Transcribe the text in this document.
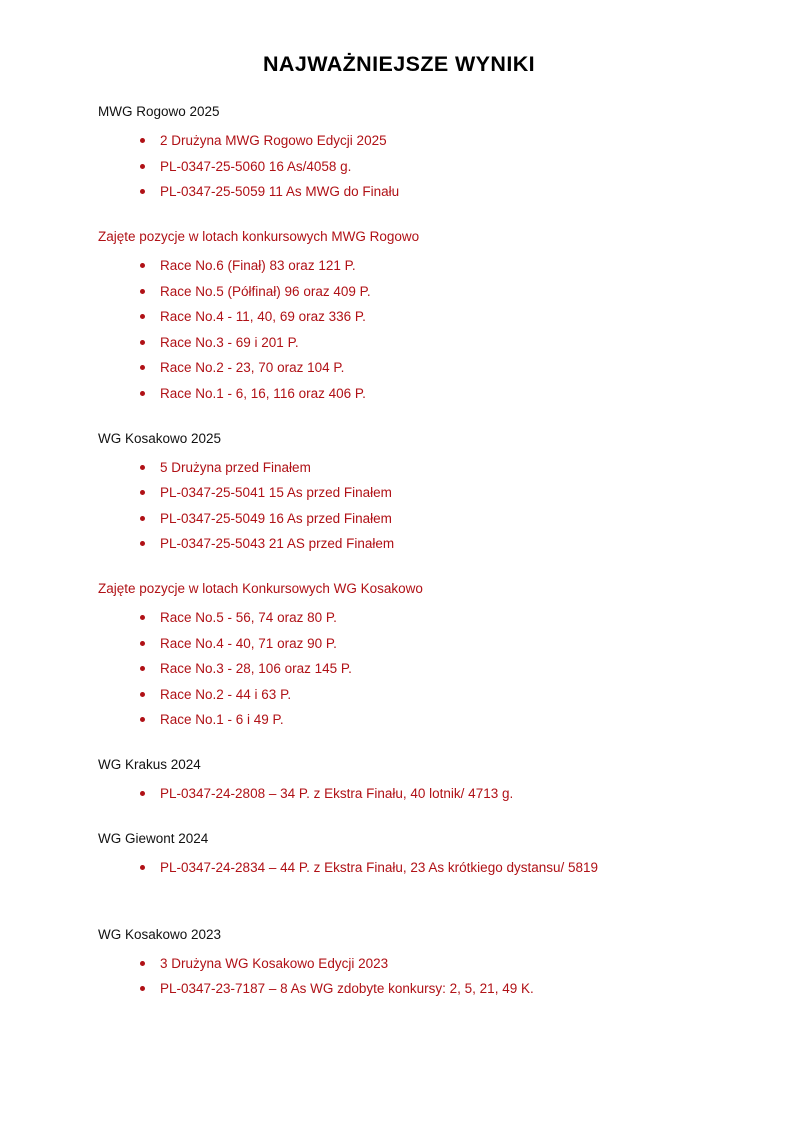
NAJWAŻNIEJSZE WYNIKI

MWG Rogowo 2025

2 Drużyna MWG Rogowo Edycji 2025
PL-0347-25-5060 16 As/4058 g.
PL-0347-25-5059 11 As MWG do Finału

Zajęte pozycje w lotach konkursowych MWG Rogowo

Race No.6 (Finał) 83 oraz 121 P.
Race No.5 (Półfinał) 96 oraz 409 P.
Race No.4 - 11, 40, 69 oraz 336 P.
Race No.3 - 69 i 201 P.
Race No.2 - 23, 70 oraz 104 P.
Race No.1 - 6, 16, 116 oraz 406 P.

WG Kosakowo 2025

5 Drużyna przed Finałem
PL-0347-25-5041 15 As przed Finałem
PL-0347-25-5049 16 As przed Finałem
PL-0347-25-5043 21 AS przed Finałem

Zajęte pozycje w lotach Konkursowych WG Kosakowo

Race No.5 - 56, 74 oraz 80 P.
Race No.4 - 40, 71 oraz 90 P.
Race No.3 - 28, 106 oraz 145 P.
Race No.2 - 44 i 63 P.
Race No.1 - 6 i 49 P.

WG Krakus 2024

PL-0347-24-2808 – 34 P. z Ekstra Finału, 40 lotnik/ 4713 g.

WG Giewont 2024

PL-0347-24-2834 – 44 P. z Ekstra Finału, 23 As krótkiego dystansu/ 5819

WG Kosakowo 2023

3 Drużyna WG Kosakowo Edycji 2023
PL-0347-23-7187 – 8 As WG zdobyte konkursy: 2, 5, 21, 49 K.
